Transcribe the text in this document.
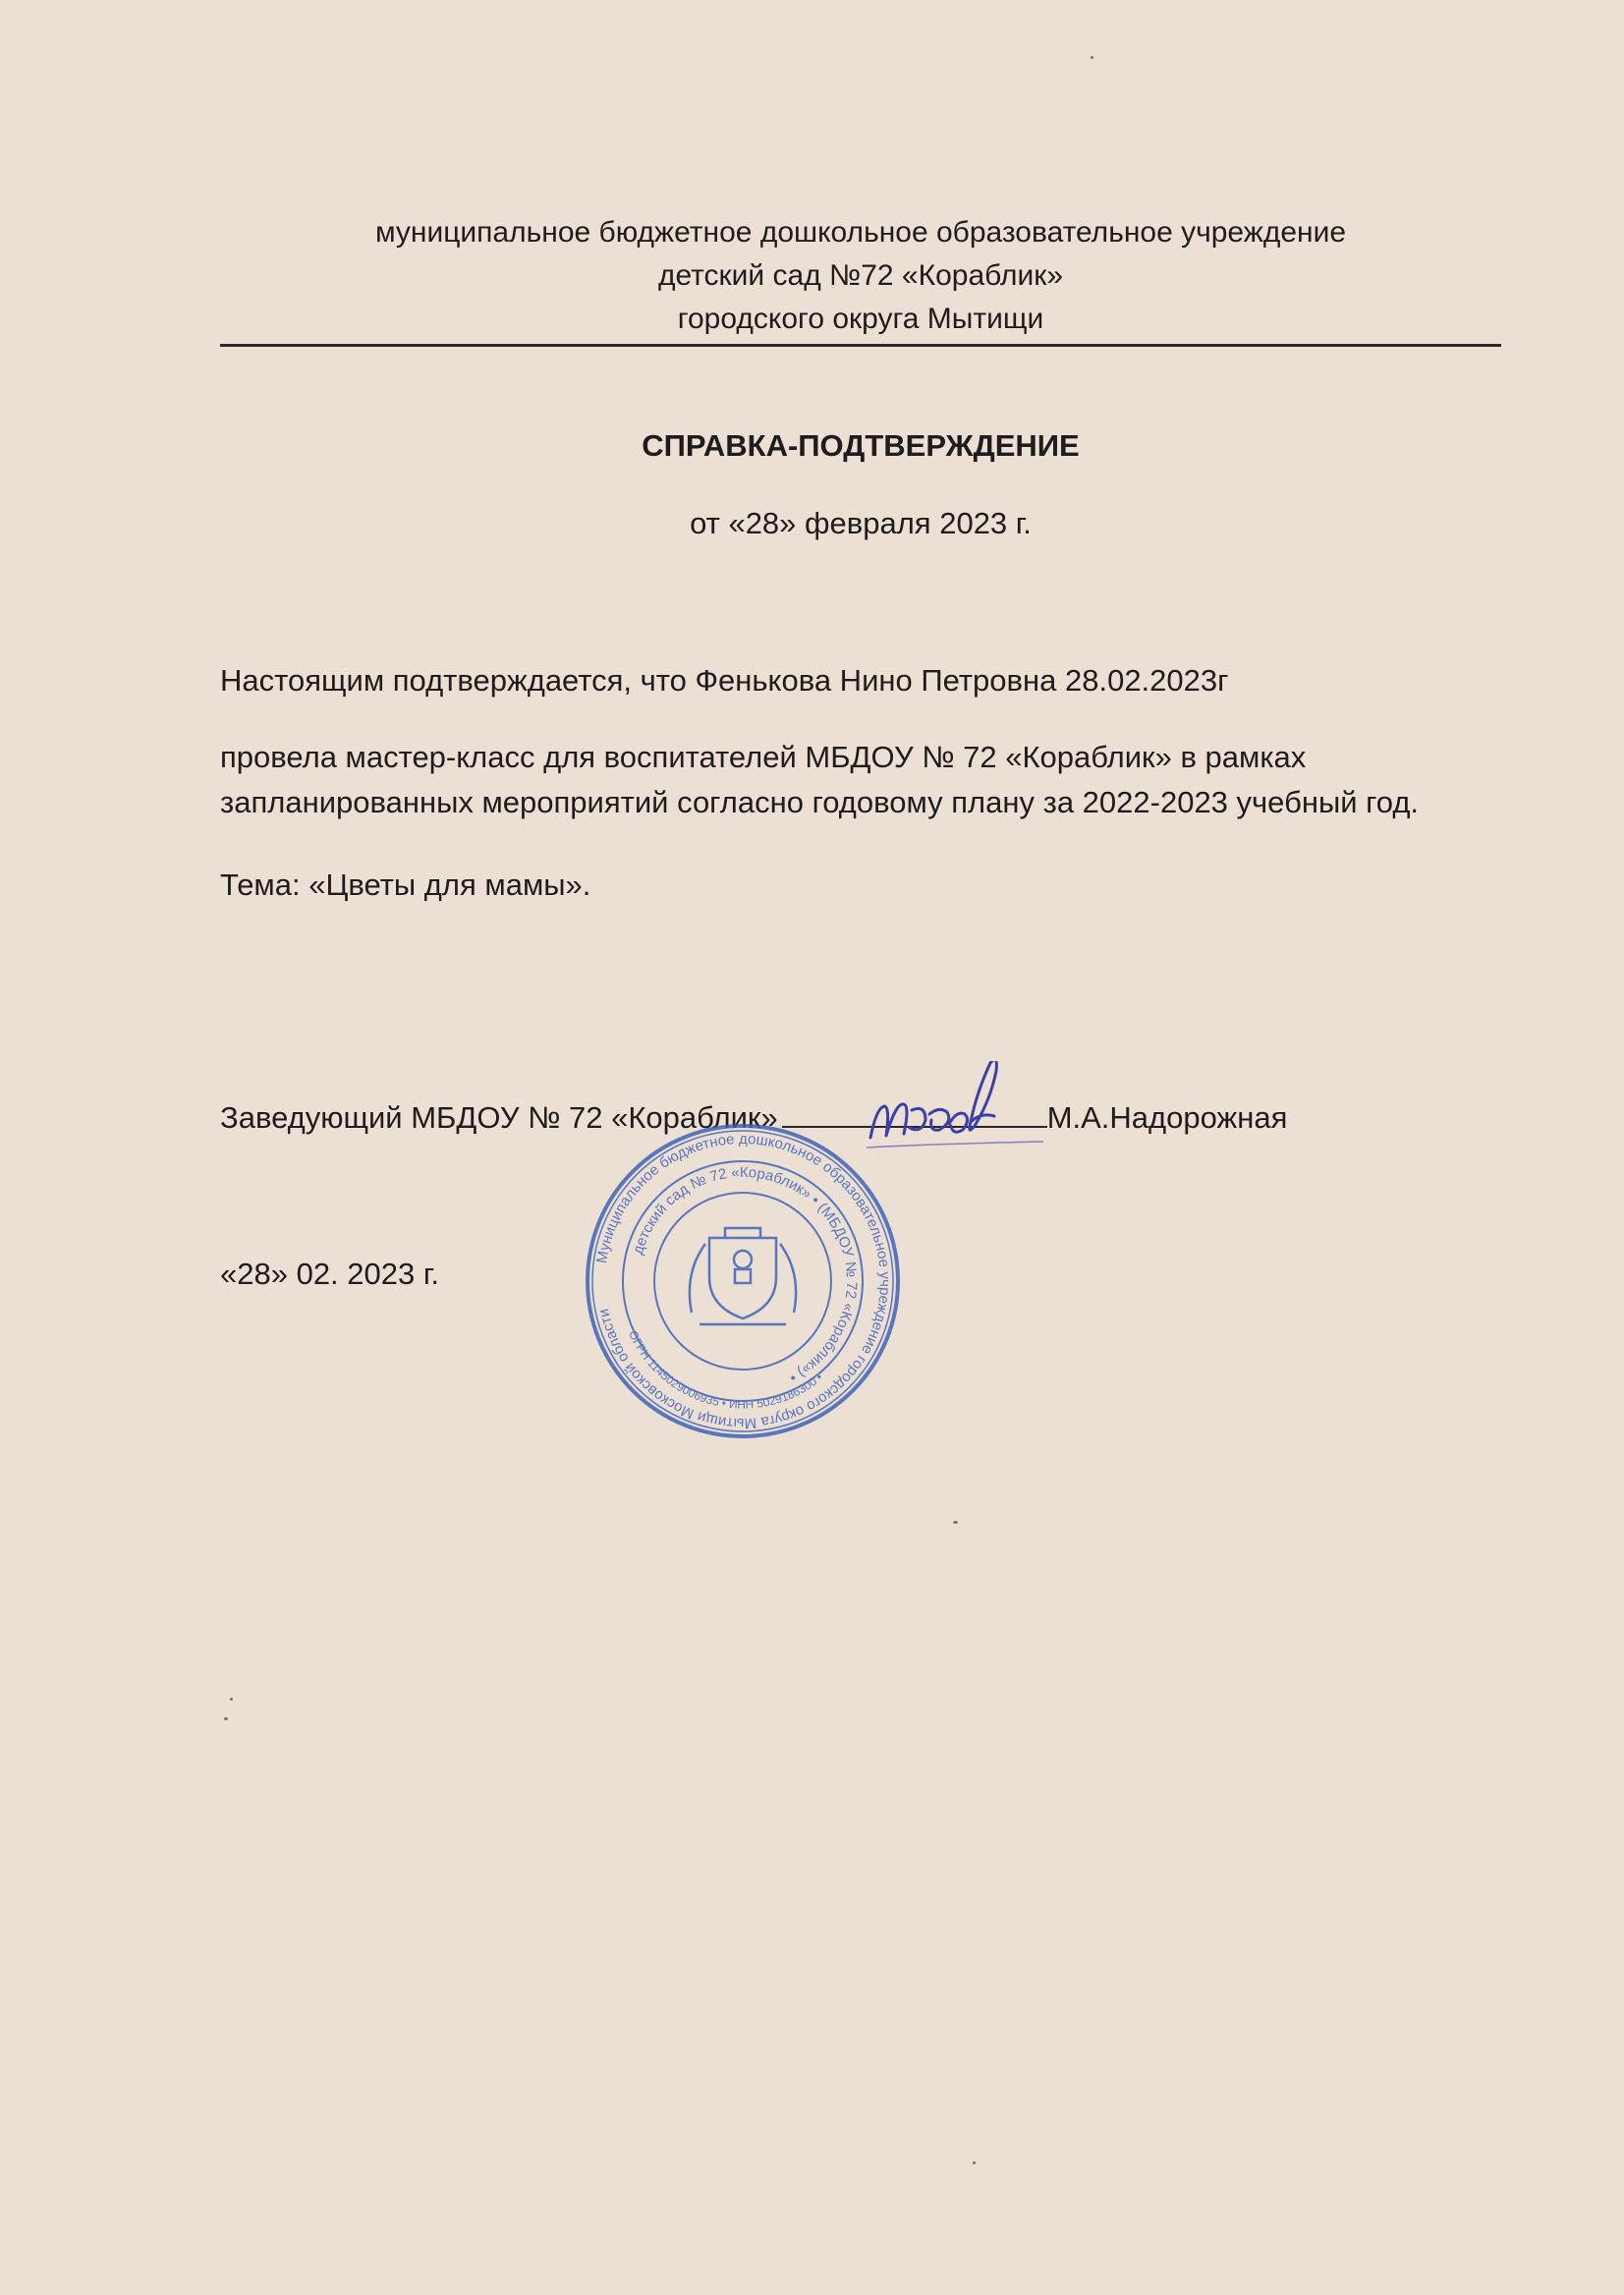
муниципальное бюджетное дошкольное образовательное учреждение
детский сад №72 «Кораблик»
городского округа Мытищи
СПРАВКА-ПОДТВЕРЖДЕНИЕ
от «28» февраля 2023 г.
Настоящим подтверждается, что Фенькова Нино Петровна 28.02.2023г
провела мастер-класс для воспитателей МБДОУ № 72 «Кораблик» в рамках
запланированных мероприятий согласно годовому плану за 2022-2023 учебный год.
Тема: «Цветы для мамы».
Заведующий МБДОУ № 72 «Кораблик»	М.А.Надорожная
«28» 02. 2023 г.	Муниципальное бюджетное дошкольное образовательное учреждение городского округа Мытищи Московской области
детский сад № 72 «Кораблик» • (МБДОУ № 72 «Кораблик») •
ОГРН 1145029006935 • ИНН 5029186300 •
